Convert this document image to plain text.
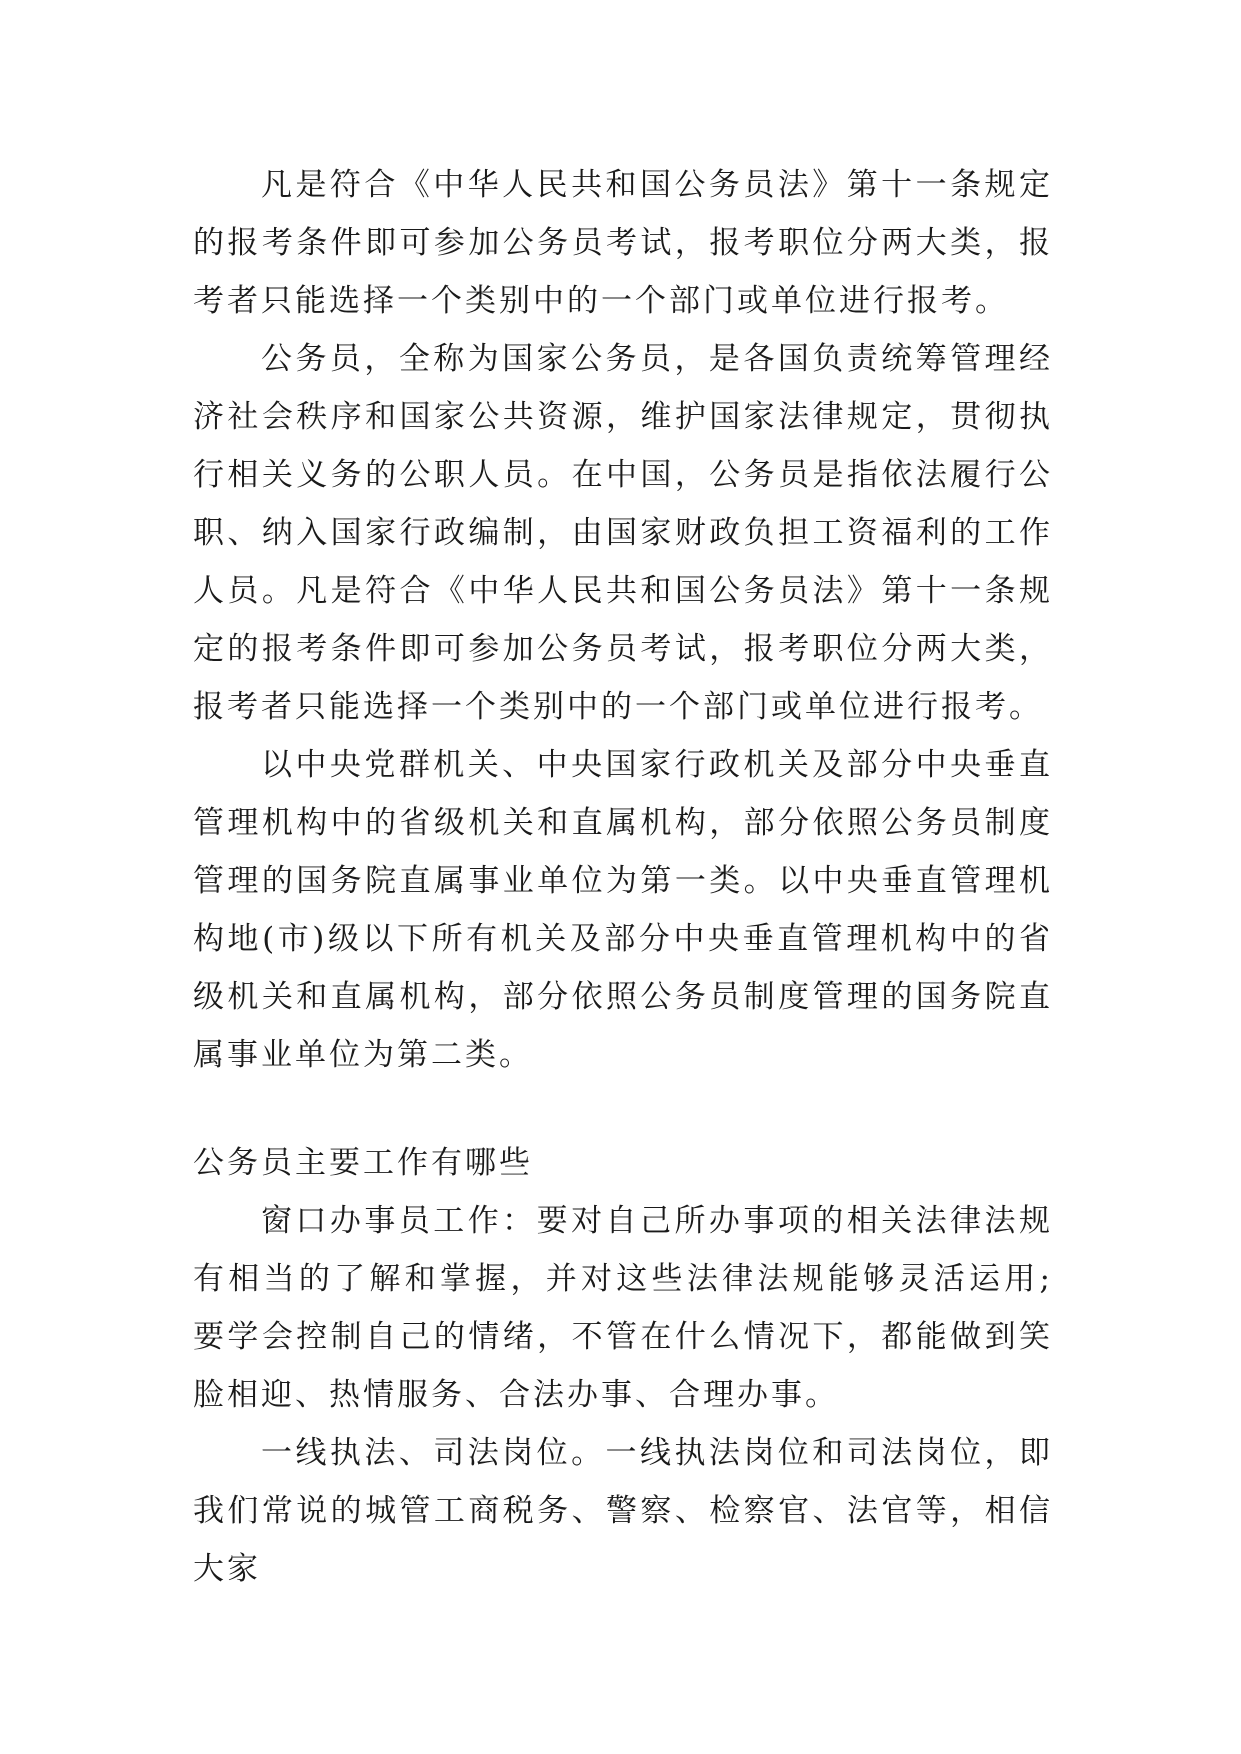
凡是符合《中华人民共和国公务员法》第十一条规定的报考条件即可参加公务员考试，报考职位分两大类，报考者只能选择一个类别中的一个部门或单位进行报考。

公务员，全称为国家公务员，是各国负责统筹管理经济社会秩序和国家公共资源，维护国家法律规定，贯彻执行相关义务的公职人员。在中国，公务员是指依法履行公职、纳入国家行政编制，由国家财政负担工资福利的工作人员。凡是符合《中华人民共和国公务员法》第十一条规定的报考条件即可参加公务员考试，报考职位分两大类，报考者只能选择一个类别中的一个部门或单位进行报考。

以中央党群机关、中央国家行政机关及部分中央垂直管理机构中的省级机关和直属机构，部分依照公务员制度管理的国务院直属事业单位为第一类。以中央垂直管理机构地(市)级以下所有机关及部分中央垂直管理机构中的省级机关和直属机构，部分依照公务员制度管理的国务院直属事业单位为第二类。

公务员主要工作有哪些

窗口办事员工作：要对自己所办事项的相关法律法规有相当的了解和掌握，并对这些法律法规能够灵活运用;要学会控制自己的情绪，不管在什么情况下，都能做到笑脸相迎、热情服务、合法办事、合理办事。

一线执法、司法岗位。一线执法岗位和司法岗位，即我们常说的城管工商税务、警察、检察官、法官等，相信大家
